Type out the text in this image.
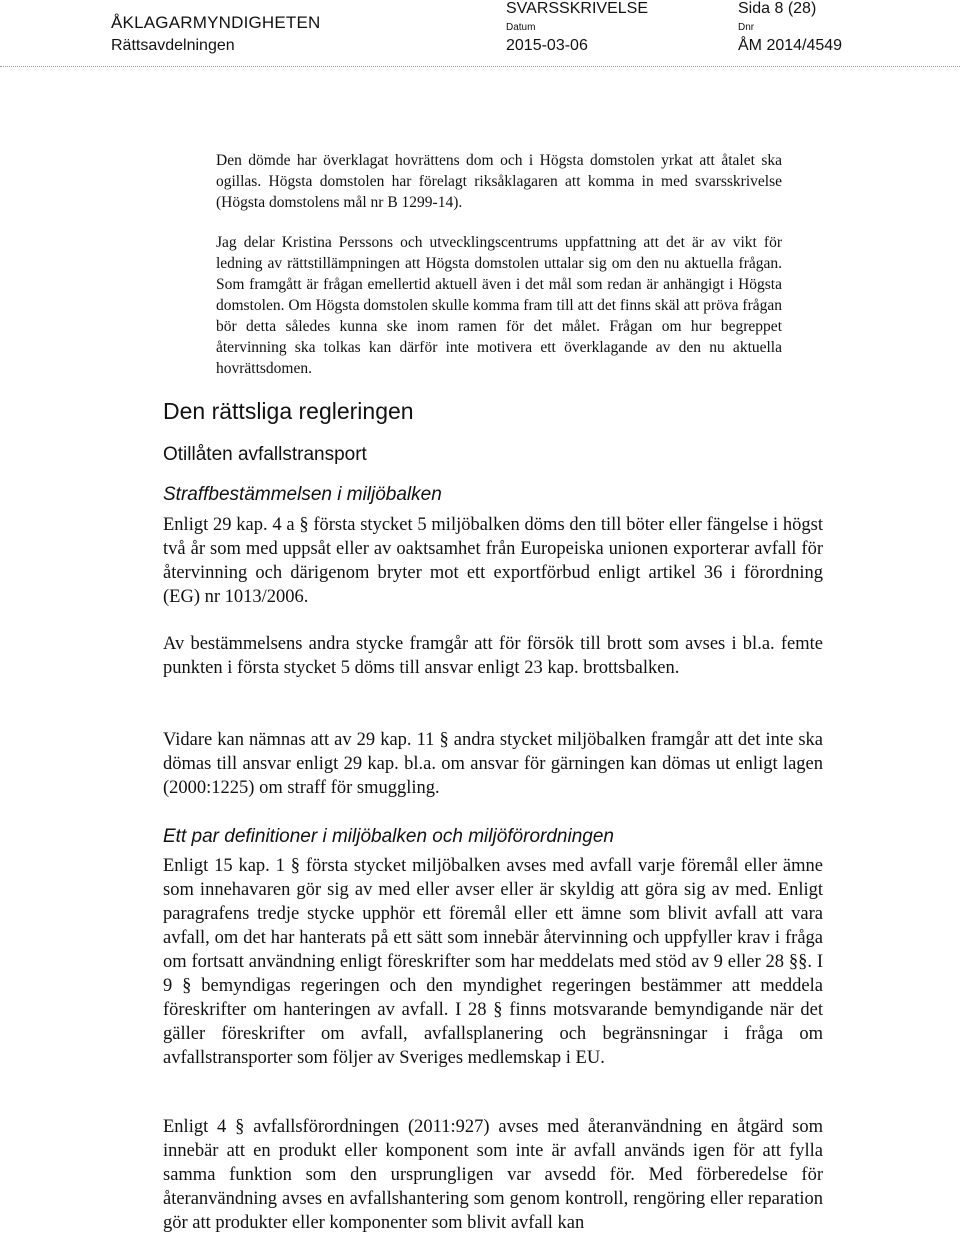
ÅKLAGARMYNDIGHETEN
Rättsavdelningen
SVARSSKRIVELSE
Datum
2015-03-06
Sida 8 (28)
Dnr
ÅM 2014/4549

Den dömde har överklagat hovrättens dom och i Högsta domstolen yrkat att åtalet ska ogillas. Högsta domstolen har förelagt riksåklagaren att komma in med svarsskrivelse (Högsta domstolens mål nr B 1299-14).

Jag delar Kristina Perssons och utvecklingscentrums uppfattning att det är av vikt för ledning av rättstillämpningen att Högsta domstolen uttalar sig om den nu aktuella frågan. Som framgått är frågan emellertid aktuell även i det mål som redan är anhängigt i Högsta domstolen. Om Högsta domstolen skulle komma fram till att det finns skäl att pröva frågan bör detta således kunna ske inom ramen för det målet. Frågan om hur begreppet återvinning ska tolkas kan därför inte motivera ett överklagande av den nu aktuella hovrättsdomen.

Den rättsliga regleringen
Otillåten avfallstransport
Straffbestämmelsen i miljöbalken

Enligt 29 kap. 4 a § första stycket 5 miljöbalken döms den till böter eller fängelse i högst två år som med uppsåt eller av oaktsamhet från Europeiska unionen exporterar avfall för återvinning och därigenom bryter mot ett exportförbud enligt artikel 36 i förordning (EG) nr 1013/2006.

Av bestämmelsens andra stycke framgår att för försök till brott som avses i bl.a. femte punkten i första stycket 5 döms till ansvar enligt 23 kap. brottsbalken.

Vidare kan nämnas att av 29 kap. 11 § andra stycket miljöbalken framgår att det inte ska dömas till ansvar enligt 29 kap. bl.a. om ansvar för gärningen kan dömas ut enligt lagen (2000:1225) om straff för smuggling.

Ett par definitioner i miljöbalken och miljöförordningen

Enligt 15 kap. 1 § första stycket miljöbalken avses med avfall varje föremål eller ämne som innehavaren gör sig av med eller avser eller är skyldig att göra sig av med. Enligt paragrafens tredje stycke upphör ett föremål eller ett ämne som blivit avfall att vara avfall, om det har hanterats på ett sätt som innebär återvinning och uppfyller krav i fråga om fortsatt användning enligt föreskrifter som har meddelats med stöd av 9 eller 28 §§. I 9 § bemyndigas regeringen och den myndighet regeringen bestämmer att meddela föreskrifter om hanteringen av avfall. I 28 § finns motsvarande bemyndigande när det gäller föreskrifter om avfall, avfallsplanering och begränsningar i fråga om avfallstransporter som följer av Sveriges medlemskap i EU.

Enligt 4 § avfallsförordningen (2011:927) avses med återanvändning en åtgärd som innebär att en produkt eller komponent som inte är avfall används igen för att fylla samma funktion som den ursprungligen var avsedd för. Med förberedelse för återanvändning avses en avfallshantering som genom kontroll, rengöring eller reparation gör att produkter eller komponenter som blivit avfall kan
